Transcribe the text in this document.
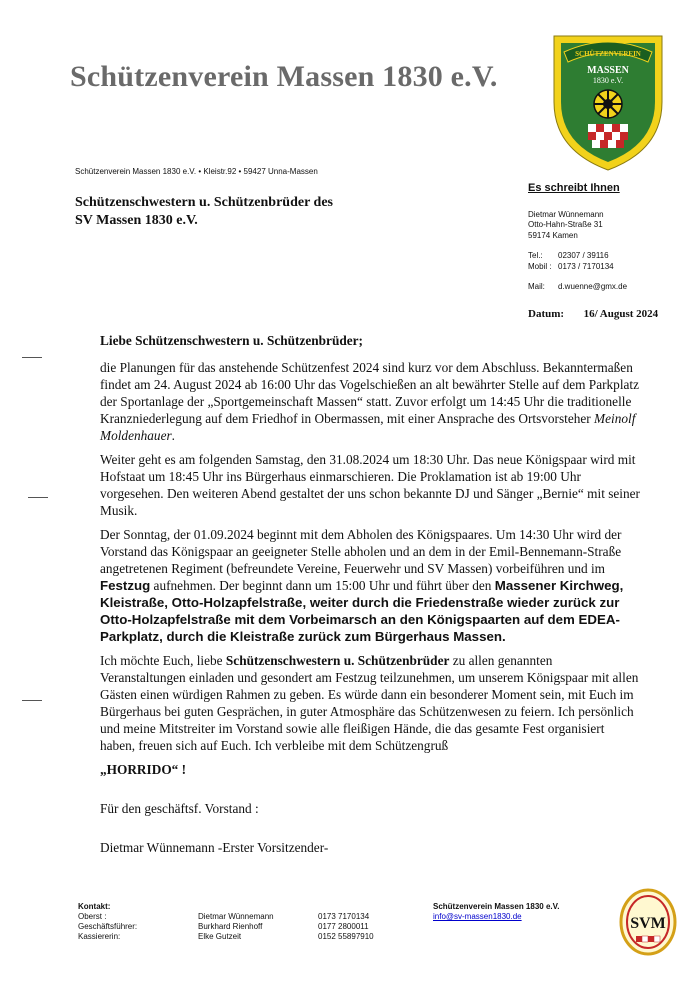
Schützenverein Massen 1830 e.V.
SCHÜTZENVEREIN
MASSEN
1830 e.V.
Schützenverein Massen 1830 e.V. • Kleistr.92 • 59427 Unna-Massen
Schützenschwestern u. Schützenbrüder des
SV Massen 1830 e.V.
Es schreibt Ihnen
Dietmar Wünnemann
Otto-Hahn-Straße 31
59174 Kamen
Tel.: 02307 / 39116
Mobil : 0173 / 7170134
Mail: d.wuenne@gmx.de
Datum: 16/ August 2024

Liebe Schützenschwestern u. Schützenbrüder;

die Planungen für das anstehende Schützenfest 2024 sind kurz vor dem Abschluss. Bekanntermaßen findet am 24. August 2024 ab 16:00 Uhr das Vogelschießen an alt bewährter Stelle auf dem Parkplatz der Sportanlage der „Sportgemeinschaft Massen“ statt. Zuvor erfolgt um 14:45 Uhr die traditionelle Kranzniederlegung auf dem Friedhof in Obermassen, mit einer Ansprache des Ortsvorsteher Meinolf Moldenhauer.

Weiter geht es am folgenden Samstag, den 31.08.2024 um 18:30 Uhr. Das neue Königspaar wird mit Hofstaat um 18:45 Uhr ins Bürgerhaus einmarschieren. Die Proklamation ist ab 19:00 Uhr vorgesehen. Den weiteren Abend gestaltet der uns schon bekannte DJ und Sänger „Bernie“ mit seiner Musik.

Der Sonntag, der 01.09.2024 beginnt mit dem Abholen des Königspaares. Um 14:30 Uhr wird der Vorstand das Königspaar an geeigneter Stelle abholen und an dem in der Emil-Bennemann-Straße angetretenen Regiment (befreundete Vereine, Feuerwehr und SV Massen) vorbeiführen und im Festzug aufnehmen. Der beginnt dann um 15:00 Uhr und führt über den Massener Kirchweg, Kleistraße, Otto-Holzapfelstraße, weiter durch die Friedenstraße wieder zurück zur Otto-Holzapfelstraße mit dem Vorbeimarsch an den Königspaarten auf dem EDEA-Parkplatz, durch die Kleistraße zurück zum Bürgerhaus Massen.

Ich möchte Euch, liebe Schützenschwestern u. Schützenbrüder zu allen genannten Veranstaltungen einladen und gesondert am Festzug teilzunehmen, um unserem Königspaar mit allen Gästen einen würdigen Rahmen zu geben. Es würde dann ein besonderer Moment sein, mit Euch im Bürgerhaus bei guten Gesprächen, in guter Atmosphäre das Schützenwesen zu feiern. Ich persönlich und meine Mitstreiter im Vorstand sowie alle fleißigen Hände, die das gesamte Fest organisiert haben, freuen sich auf Euch. Ich verbleibe mit dem Schützengruß

„HORRIDO“ !

Für den geschäftsf. Vorstand :

Dietmar Wünnemann -Erster Vorsitzender-

Kontakt:
Oberst :	Dietmar Wünnemann	0173 7170134
Geschäftsführer:	Burkhard Rienhoff	0177 2800011
Kassiererin:	Elke Gutzeit	0152 55897910
Schützenverein Massen 1830 e.V.
info@sv-massen1830.de	SVM
